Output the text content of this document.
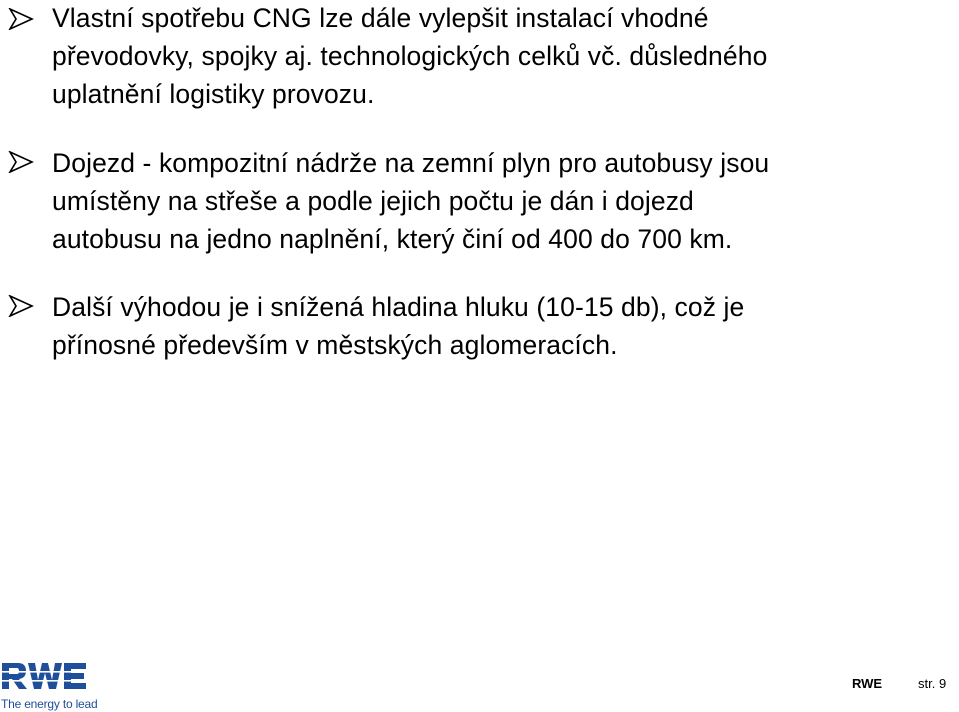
Vlastní spotřebu CNG lze dále vylepšit instalací vhodné
převodovky, spojky aj. technologických celků vč. důsledného
uplatnění logistiky provozu.
Dojezd - kompozitní nádrže na zemní plyn pro autobusy jsou
umístěny na střeše a podle jejich počtu je dán i dojezd
autobusu na jedno naplnění, který činí od 400 do 700 km.
Další výhodou je i snížená hladina hluku (10-15 db), což je
přínosné především v městských aglomeracích.
The energy to lead
RWE	str. 9
